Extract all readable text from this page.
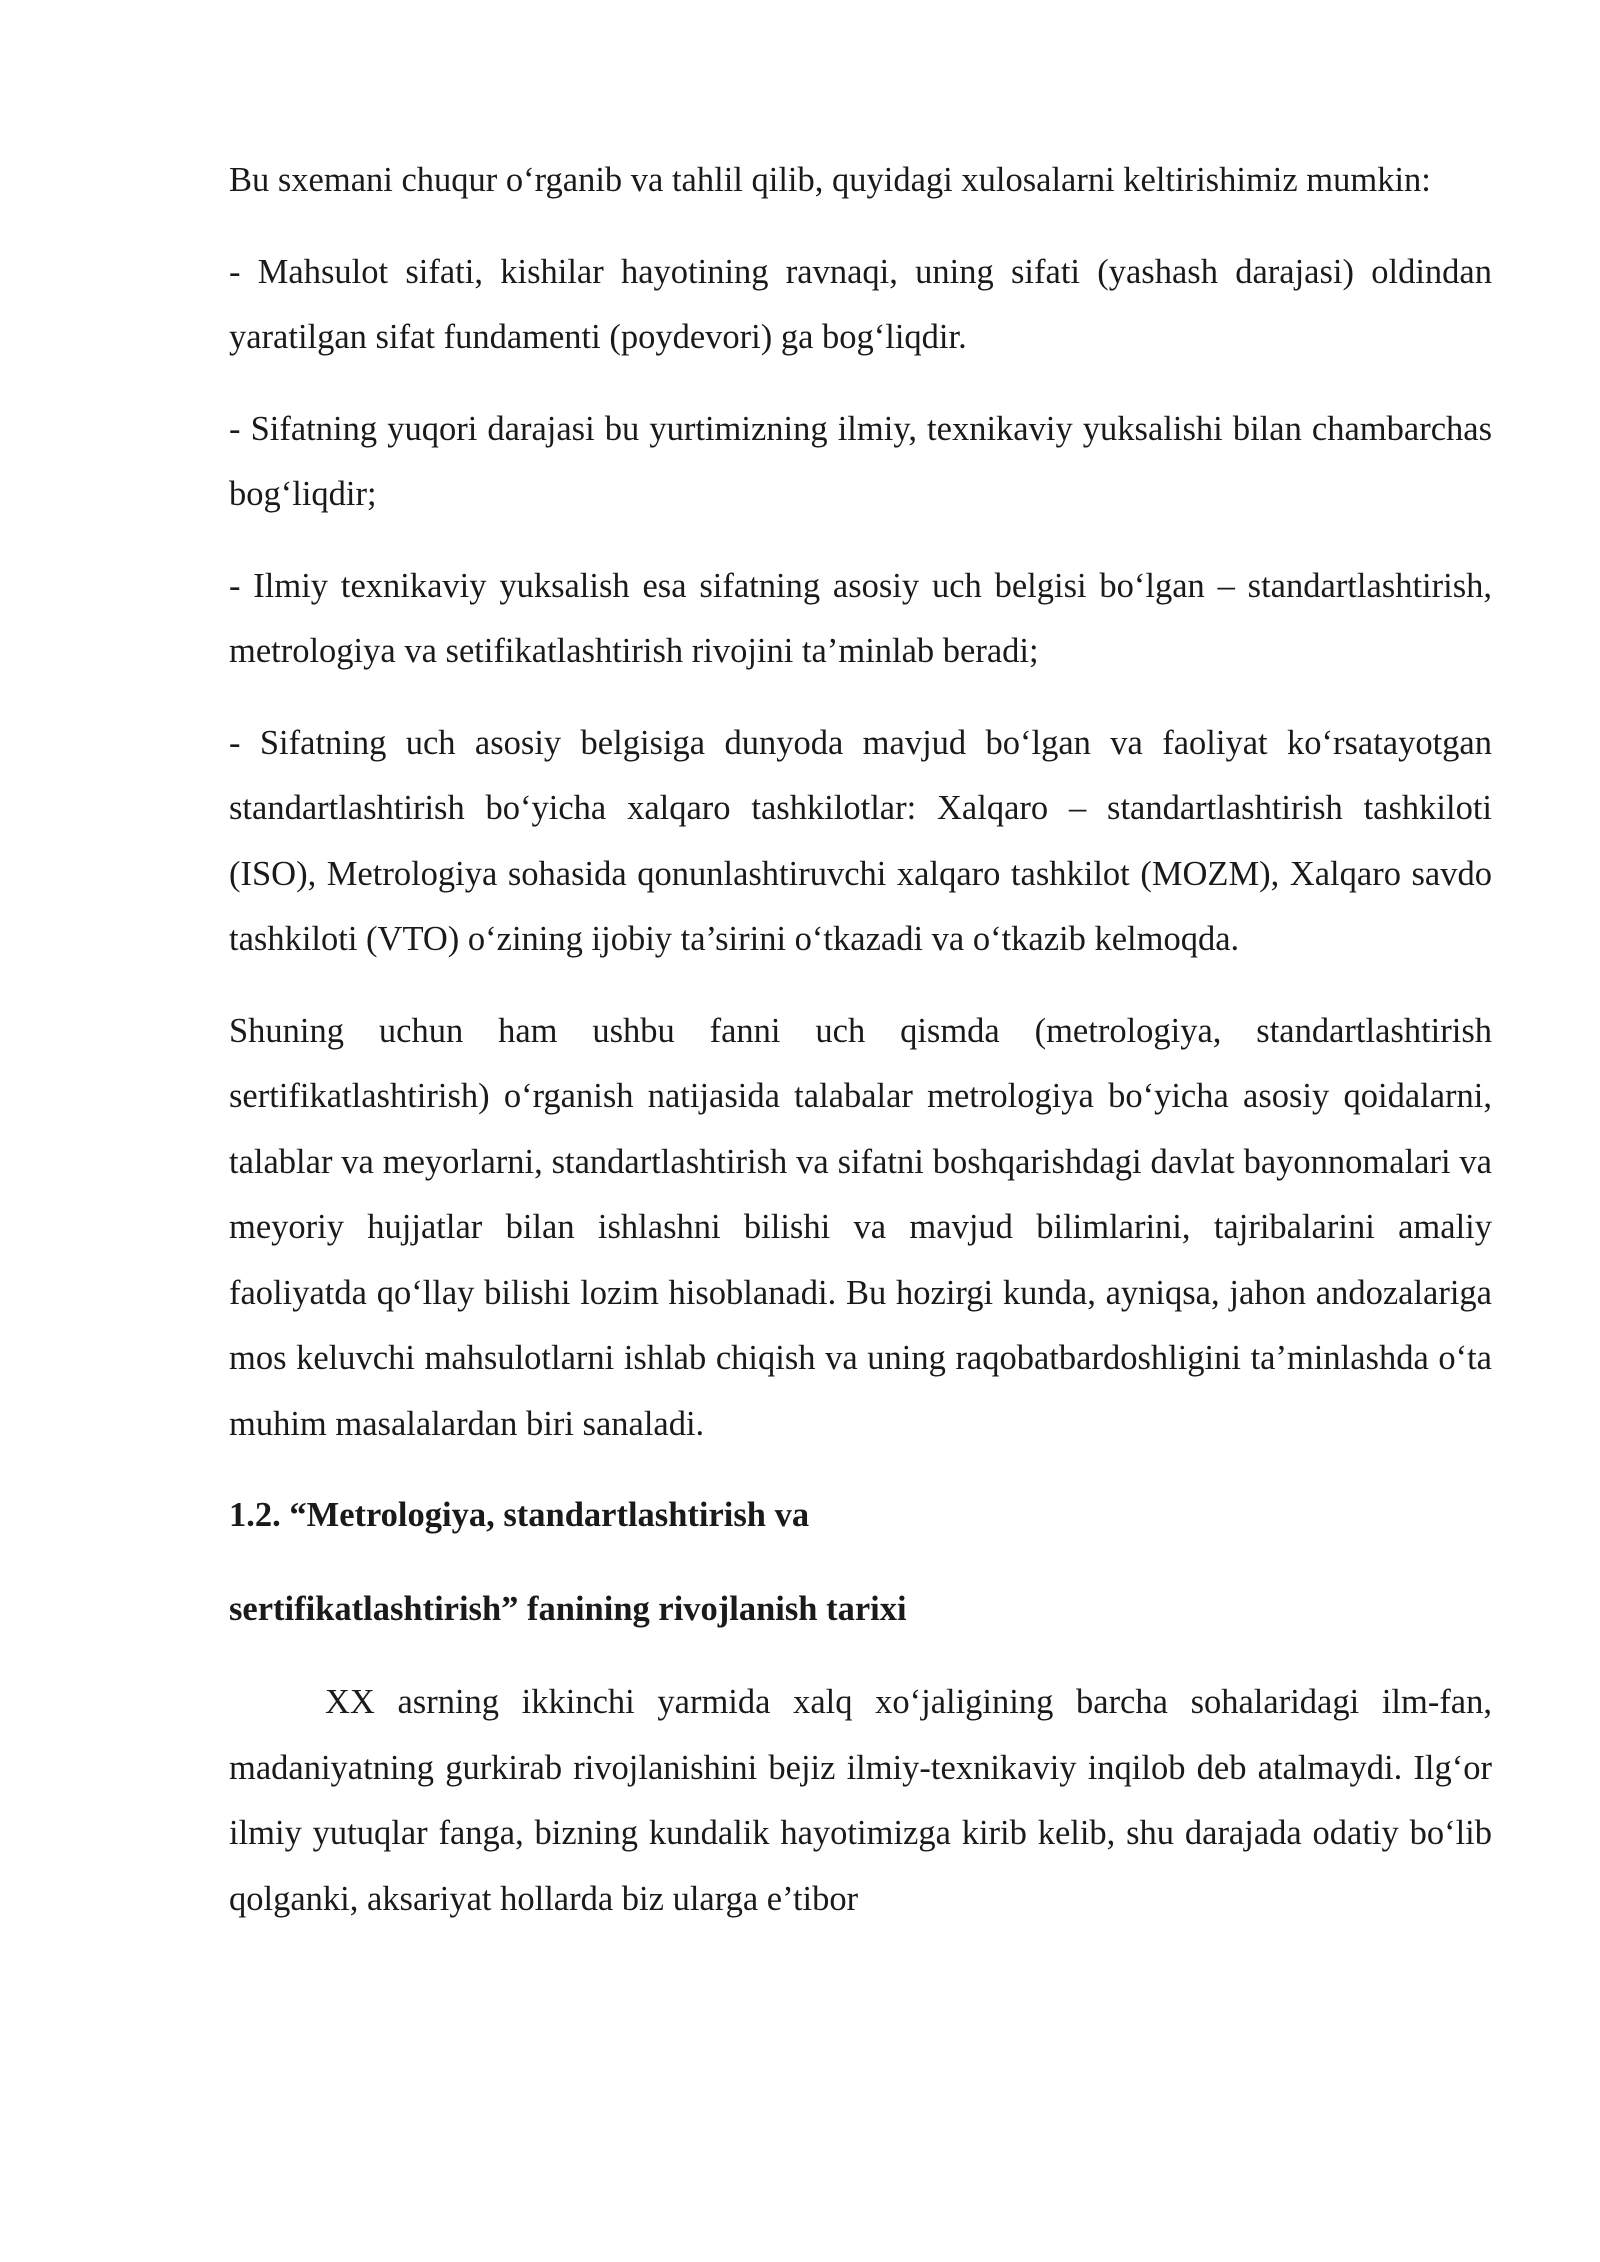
Bu sxemani chuqur o‘rganib va tahlil qilib, quyidagi xulosalarni keltirishimiz mumkin:

- Mahsulot sifati, kishilar hayotining ravnaqi, uning sifati (yashash darajasi) oldindan yaratilgan sifat fundamenti (poydevori) ga bog‘liqdir.

- Sifatning yuqori darajasi bu yurtimizning ilmiy, texnikaviy yuksalishi bilan chambarchas bog‘liqdir;

- Ilmiy texnikaviy yuksalish esa sifatning asosiy uch belgisi bo‘lgan – standartlashtirish, metrologiya va setifikatlashtirish rivojini ta’minlab beradi;

- Sifatning uch asosiy belgisiga dunyoda mavjud bo‘lgan va faoliyat ko‘rsatayotgan standartlashtirish bo‘yicha xalqaro tashkilotlar: Xalqaro – standartlashtirish tashkiloti (ISO), Metrologiya sohasida qonunlashtiruvchi xalqaro tashkilot (MOZM), Xalqaro savdo tashkiloti (VTO) o‘zining ijobiy ta’sirini o‘tkazadi va o‘tkazib kelmoqda.

Shuning uchun ham ushbu fanni uch qismda (metrologiya, standartlashtirish sertifikatlashtirish) o‘rganish natijasida talabalar metrologiya bo‘yicha asosiy qoidalarni, talablar va meyorlarni, standartlashtirish va sifatni boshqarishdagi davlat bayonnomalari va meyoriy hujjatlar bilan ishlashni bilishi va mavjud bilimlarini, tajribalarini amaliy faoliyatda qo‘llay bilishi lozim hisoblanadi. Bu hozirgi kunda, ayniqsa, jahon andozalariga mos keluvchi mahsulotlarni ishlab chiqish va uning raqobatbardoshligini ta’minlashda o‘ta muhim masalalardan biri sanaladi.

1.2. “Metrologiya, standartlashtirish va

sertifikatlashtirish” fanining rivojlanish tarixi

XX asrning ikkinchi yarmida xalq xo‘jaligining barcha sohalaridagi ilm-fan, madaniyatning gurkirab rivojlanishini bejiz ilmiy-texnikaviy inqilob deb atalmaydi. Ilg‘or ilmiy yutuqlar fanga, bizning kundalik hayotimizga kirib kelib, shu darajada odatiy bo‘lib qolganki, aksariyat hollarda biz ularga e’tibor
